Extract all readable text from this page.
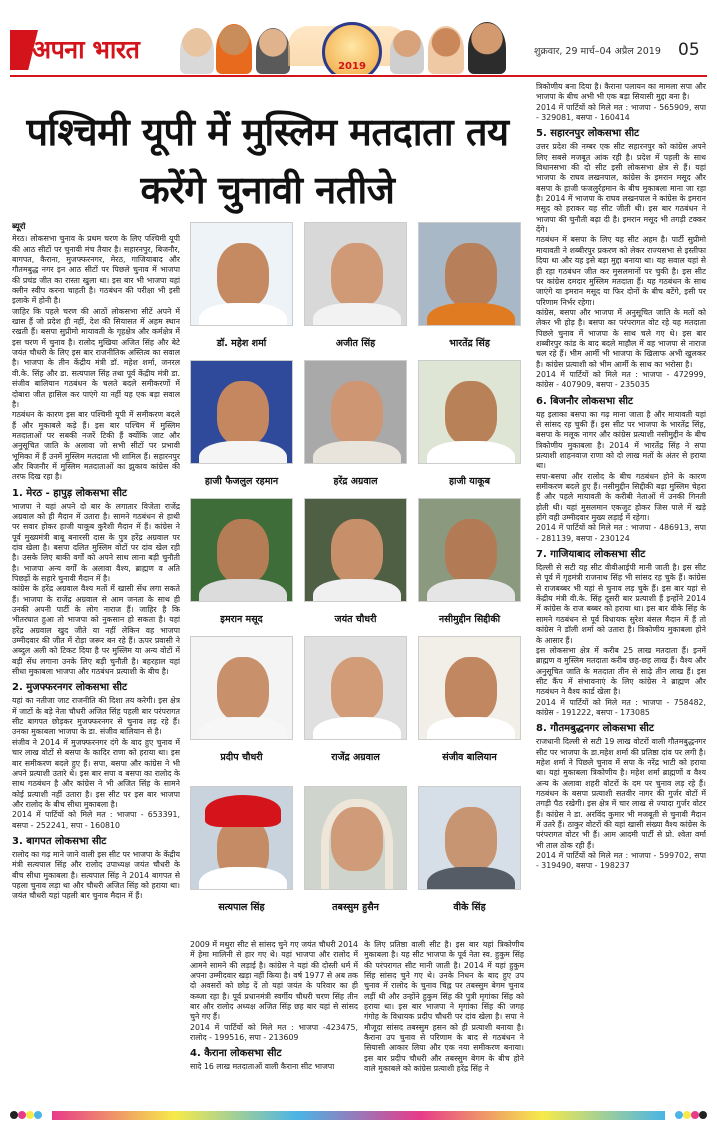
अपना भारत
2019
शुक्रवार, 29 मार्च–04 अप्रैल 2019 05
पश्चिमी यूपी में मुस्लिम मतदाता तय करेंगे चुनावी नतीजे

ब्यूरो

मेरठ। लोकसभा चुनाव के प्रथम चरण के लिए पश्चिमी यूपी की आठ सीटों पर चुनावी मंच तैयार है। सहारनपुर, बिजनौर, बागपत, कैराना, मुजफ्फरनगर, मेरठ, गाजियाबाद और गौतमबुद्ध नगर इन आठ सीटों पर पिछले चुनाव में भाजपा की प्रचंड जीत का रास्ता खुला था। इस बार भी भाजपा यहां क्लीन स्वीप करना चाहती है। गठबंधन की परीक्षा भी इसी इलाके में होनी है।

जाहिर कि पहले चरण की आठों लोकसभा सीटें अपने में खास हैं जो प्रदेश ही नहीं, देश की सियासत में अहम स्थान रखती हैं। बसपा सुप्रीमो मायावती के गृहक्षेत्र और कर्मक्षेत्र में इस चरण में चुनाव है। रालोद मुखिया अजित सिंह और बेटे जयंत चौधरी के लिए इस बार राजनीतिक अस्तित्व का सवाल है। भाजपा के तीन केंद्रीय मंत्री डॉ. महेश शर्मा, जनरल वी.के. सिंह और डा. सत्यपाल सिंह तथा पूर्व केंद्रीय मंत्री डा. संजीव बालियान गठबंधन के चलते बदले समीकरणों में दोबारा जीत हासिल कर पाएंगे या नहीं यह एक बड़ा सवाल है।

गठबंधन के कारण इस बार पश्चिमी यूपी में समीकरण बदले हैं और मुकाबले कड़े हैं। इस बार पश्चिम में मुस्लिम मतदाताओं पर सबकी नजरें टिकी हैं क्योंकि जाट और अनुसूचित जाति के अलावा जो सभी सीटों पर प्रभावी भूमिका में हैं उनमें मुस्लिम मतदाता भी शामिल हैं। सहारनपुर और बिजनौर में मुस्लिम मतदाताओं का झुकाव कांग्रेस की तरफ दिख रहा है।

1. मेरठ - हापुड़ लोकसभा सीट

भाजपा ने यहां अपने दो बार के लगातार विजेता राजेंद्र अग्रवाल को ही मैदान में उतारा है। सामने गठबंधन से हाथी पर सवार होकर हाजी याकूब कुरैशी मैदान में हैं। कांग्रेस ने पूर्व मुख्यमंत्री बाबू बनारसी दास के पुत्र हरेंद्र अग्रवाल पर दांव खेला है। बसपा दलित मुस्लिम वोटों पर दांव खेल रही है। उसके लिए बाकी वर्गों को अपने साथ लाना बड़ी चुनौती है। भाजपा अन्य वर्गों के अलावा वैश्य, ब्राह्मण व अति पिछड़ों के सहारे चुनावी मैदान में है।

कांग्रेस के हरेंद्र अग्रवाल वैश्य मतों में खासी सेंध लगा सकते हैं। भाजपा के राजेंद्र अग्रवाल से आम जनता के साथ ही उनकी अपनी पार्टी के लोग नाराज हैं। जाहिर है कि भीतरघात हुआ तो भाजपा को नुकसान हो सकता है। यहां हरेंद्र अग्रवाल खुद जीते या नहीं लेकिन वह भाजपा उम्मीदवार की जीत में रोड़ा जरूर बन रहे हैं। ऊपर प्रवासी ने अब्दुल अली को टिकट दिया है पर मुस्लिम या अन्य वोटों में बड़ी सेंध लगाना उनके लिए बड़ी चुनौती है। बहरहाल यहां सीधा मुकाबला भाजपा और गठबंधन प्रत्याशी के बीच है।

2. मुजफ्फरनगर लोकसभा सीट

यहां का नतीजा जाट राजनीति की दिशा तय करेगी। इस क्षेत्र में जाटों के बड़े नेता चौधरी अजित सिंह पहली बार परंपरागत सीट बागपत छोड़कर मुजफ्फरनगर से चुनाव लड़ रहे हैं। उनका मुकाबला भाजपा के डा. संजीव बालियान से है।

संजीव ने 2014 में मुजफ्फरनगर दंगे के बाद हुए चुनाव में चार लाख वोटों से बसपा के कादिर राणा को हराया था। इस बार समीकरण बदले हुए हैं। सपा, बसपा और कांग्रेस ने भी अपने प्रत्याशी उतारे थे। इस बार सपा व बसपा का रालोद के साथ गठबंधन है और कांग्रेस ने भी अजित सिंह के सामने कोई प्रत्याशी नहीं उतारा है। इस सीट पर इस बार भाजपा और रालोद के बीच सीधा मुकाबला है।

2014 में पार्टियों को मिले मत : भाजपा - 653391, बसपा - 252241, सपा - 160810

3. बागपत लोकसभा सीट

रालोद का गढ़ माने जाने वाली इस सीट पर भाजपा के केंद्रीय मंत्री सत्यपाल सिंह और रालोद उपाध्यक्ष जयंत चौधरी के बीच सीधा मुकाबला है। सत्यपाल सिंह ने 2014 बागपत से पहला चुनाव लड़ा था और चौधरी अजित सिंह को हराया था। जयंत चौधरी यहां पहली बार चुनाव मैदान में हैं।

डॉ. महेश शर्मा	अजीत सिंह	भारतेंद्र सिंह
हाजी फैजलुल रहमान	हरेंद्र अग्रवाल	हाजी याकूब
इमरान मसूद	जयंत चौधरी	नसीमुद्दीन सिद्दीकी
प्रदीप चौधरी	राजेंद्र अग्रवाल	संजीव बालियान
सत्यपाल सिंह	तबस्सुम हुसैन	वीके सिंह

2009 में मथुरा सीट से सांसद चुने गए जयंत चौधरी 2014 में हेमा मालिनी से हार गए थे। यहां भाजपा और रालोद में आमने सामने की लड़ाई है। कांग्रेस ने यहां की दोस्ती धर्म में अपना उम्मीदवार खड़ा नहीं किया है। वर्ष 1977 से अब तक दो अवसरों को छोड़ दें तो यहां जयंत के परिवार का ही कब्जा रहा है। पूर्व प्रधानमंत्री स्वर्गीय चौधरी चरण सिंह तीन बार और रालोद अध्यक्ष अजित सिंह छह बार यहां से सांसद चुने गए हैं।

2014 में पार्टियों को मिले मत : भाजपा -423475, रालोद - 199516, सपा - 213609

4. कैराना लोकसभा सीट

सादे 16 लाख मतदाताओं वाली कैराना सीट भाजपा

के लिए प्रतिष्ठा वाली सीट है। इस बार यहां त्रिकोणीय मुकाबला है। यह सीट भाजपा के पूर्व नेता स्व. हुकुम सिंह की परंपरागत सीट मानी जाती है। 2014 में यहां हुकुम सिंह सांसद चुने गए थे। उनके निधन के बाद हुए उप चुनाव में रालोद के चुनाव चिह्न पर तबस्सुम बेगम चुनाव लड़ीं थी और उन्होंने हुकुम सिंह की पुत्री मृगांका सिंह को हराया था। इस बार भाजपा ने मृगांका सिंह की जगह गंगोह के विधायक प्रदीप चौधरी पर दांव खेला है। सपा ने मौजूदा सांसद तबस्सुम हसन को ही प्रत्याशी बनाया है। कैराना उप चुनाव से परिणाम के बाद से गठबंधन ने सियासी आकार लिया और एक नया समीकरण बनाया। इस बार प्रदीप चौधरी और तबस्सुम बेगम के बीच होने वाले मुकाबले को कांग्रेस प्रत्याशी हरेंद्र सिंह ने

त्रिकोणीय बना दिया है। कैराना पलायन का मामला सपा और भाजपा के बीच अभी भी एक बड़ा सियासी मुद्दा बना है।

2014 में पार्टियों को मिले मत : भाजपा - 565909, सपा - 329081, बसपा - 160414

5. सहारनपुर लोकसभा सीट

उत्तर प्रदेश की नम्बर एक सीट सहारनपुर को कांग्रेस अपने लिए सबसे मजबूत आंक रही है। प्रदेश में पहली के साथ विधानसभा की दो सीट इसी लोकसभा क्षेत्र से हैं। यहां भाजपा के राघव लखनपाल, कांग्रेस के इमरान मसूद और बसपा के हाजी फजलुर्रहमान के बीच मुकाबला माना जा रहा है। 2014 में भाजपा के राघव लखनपाल ने कांग्रेस के इमरान मसूद को हराकर यह सीट जीती थी। इस बार गठबंधन ने भाजपा की चुनौती बढ़ा दी है। इमरान मसूद भी तगड़ी टक्कर देंगे।

गठबंधन में बसपा के लिए यह सीट अहम है। पार्टी सुप्रीमो मायावती ने शब्बीरपुर प्रकरण को लेकर राज्यसभा से इस्तीफा दिया था और यह इसे बड़ा मुद्दा बनाया था। यह सवाल यहां से ही रहा गठबंधन जीत कर मुसलमानों पर चुकी है। इस सीट पर कांग्रेस दमदार मुस्लिम मतदाता हैं। यह गठबंधन के साथ जाएंगे या इमरान मसूद या फिर दोनों के बीच बटेंगे, इसी पर परिणाम निर्भर रहेगा।

कांग्रेस, बसपा और भाजपा में अनुसूचित जाति के मतों को लेकर भी होड़ है। बसपा का परंपरागत वोट रहे यह मतदाता पिछले चुनाव में भाजपा के साथ चले गए थे। इस बार शब्बीरपुर कांड के बाद बदले माहौल में वह भाजपा से नाराज चल रहे हैं। भीम आर्मी भी भाजपा के खिलाफ अभी खुलकर है। कांग्रेस प्रत्याशी को भीम आर्मी के साथ का भरोसा है।

2014 में पार्टियों को मिले मत : भाजपा - 472999, कांग्रेस - 407909, बसपा - 235035

6. बिजनौर लोकसभा सीट

यह इलाका बसपा का गढ़ माना जाता है और मायावती यहां से सांसद रह चुकी हैं। इस सीट पर भाजपा के भारतेंद्र सिंह, बसपा के मलूक नागर और कांग्रेस प्रत्याशी नसीमुद्दीन के बीच त्रिकोणीय मुकाबला है। 2014 में भारतेंद्र सिंह ने सपा प्रत्याशी शाहनवाज राणा को दो लाख मतों के अंतर से हराया था।

सपा-बसपा और रालोद के बीच गठबंधन होने के कारण समीकरण बदले हुए हैं। नसीमुद्दीन सिद्दीकी बड़ा मुस्लिम चेहरा हैं और पहले मायावती के करीबी नेताओं में उनकी गिनती होती थी। यहां मुसलमान एकजुट होकर जिस पाले में खड़े होंगे वही उम्मीदवार मुख्य लड़ाई में रहेगा।

2014 में पार्टियों को मिले मत : भाजपा - 486913, सपा - 281139, बसपा - 230124

7. गाजियाबाद लोकसभा सीट

दिल्ली से सटी यह सीट वीवीआईपी मानी जाती है। इस सीट से पूर्व में गृहमंत्री राजनाथ सिंह भी सांसद रह चुके हैं। कांग्रेस से राजबब्बर भी यहां से चुनाव लड़ चुके हैं। इस बार यहां से केंद्रीय मंत्री वी.के. सिंह दूसरी बार प्रत्याशी हैं इन्होंने 2014 में कांग्रेस के राज बब्बर को हराया था। इस बार वीके सिंह के सामने गठबंधन से पूर्व विधायक सुरेश बंसल मैदान में हैं तो कांग्रेस ने डॉली शर्मा को उतारा है। त्रिकोणीय मुकाबला होने के आसार हैं।

इस लोकसभा क्षेत्र में करीब 25 लाख मतदाता हैं। इनमें ब्राह्मण व मुस्लिम मतदाता करीब छह-छह लाख हैं। वैश्य और अनुसूचित जाति के मतदाता तीन से साढ़े तीन लाख हैं। इस सीट कैंप में संभावनाएं के लिए कांग्रेस ने ब्राह्मण और गठबंधन ने वैश्य कार्ड खेला है।

2014 में पार्टियों को मिले मत : भाजपा - 758482, कांग्रेस - 191222, बसपा - 173085

8. गौतमबुद्धनगर लोकसभा सीट

राजधानी दिल्ली से सटी 19 लाख वोटरों वाली गौतमबुद्धनगर सीट पर भाजपा के डा.महेश शर्मा की प्रतिष्ठा दांव पर लगी है। महेश शर्मा ने पिछले चुनाव में सपा के नरेंद्र भाटी को हराया था। यहां मुकाबला त्रिकोणीय है। महेश शर्मा ब्राह्मणों व वैश्य अन्य के अलावा शहरी वोटरों के दम पर चुनाव लड़ रहे हैं। गठबंधन के बसपा प्रत्याशी सतवीर नागर की गुर्जर वोटों में तगड़ी पैठ रखेगी। इस क्षेत्र में चार लाख से ज्यादा गुर्जर वोटर हैं। कांग्रेस ने डा. अरविंद कुमार भी मजबूती से चुनावी मैदान में उतरे हैं। ठाकुर वोटरों की यहां खासी संख्या वैश्य कांग्रेस के परंपरागत वोटर भी हैं। आम आदमी पार्टी से प्रो. श्वेता वर्मा भी ताल ठोक रही हैं।

2014 में पार्टियों को मिले मत : भाजपा - 599702, सपा - 319490, बसपा - 198237
